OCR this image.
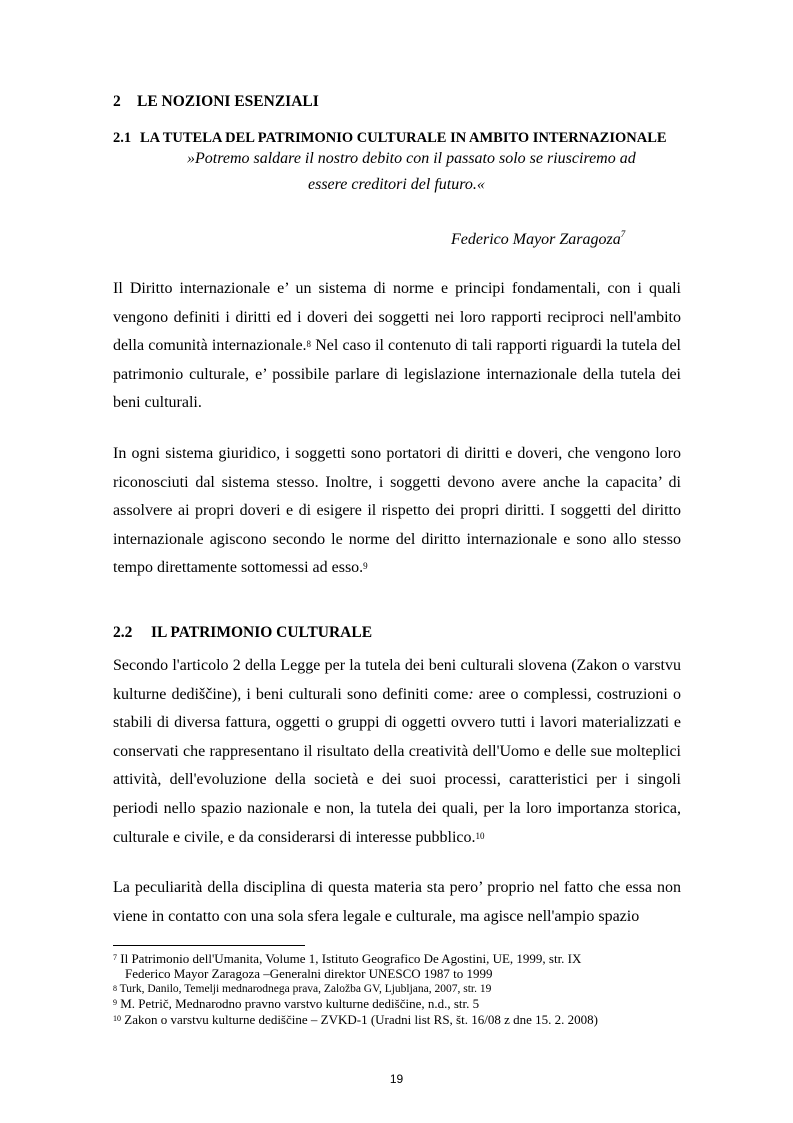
2 LE NOZIONI ESENZIALI
2.1 LA TUTELA DEL PATRIMONIO CULTURALE IN AMBITO INTERNAZIONALE
»Potremo saldare il nostro debito con il passato solo se riusciremo ad
essere creditori del futuro.«
Federico Mayor Zaragoza$^7$
Il Diritto internazionale e’ un sistema di norme e principi fondamentali, con i quali vengono definiti i diritti ed i doveri dei soggetti nei loro rapporti reciproci nell'ambito della comunità internazionale.$^8$ Nel caso il contenuto di tali rapporti riguardi la tutela del patrimonio culturale, e’ possibile parlare di legislazione internazionale della tutela dei beni culturali.
In ogni sistema giuridico, i soggetti sono portatori di diritti e doveri, che vengono loro riconosciuti dal sistema stesso. Inoltre, i soggetti devono avere anche la capacita’ di assolvere ai propri doveri e di esigere il rispetto dei propri diritti. I soggetti del diritto internazionale agiscono secondo le norme del diritto internazionale e sono allo stesso tempo direttamente sottomessi ad esso.$^9$
2.2 IL PATRIMONIO CULTURALE
Secondo l'articolo 2 della Legge per la tutela dei beni culturali slovena (Zakon o varstvu kulturne dediščine), i beni culturali sono definiti come: aree o complessi, costruzioni o stabili di diversa fattura, oggetti o gruppi di oggetti ovvero tutti i lavori materializzati e conservati che rappresentano il risultato della creatività dell'Uomo e delle sue molteplici attività, dell'evoluzione della società e dei suoi processi, caratteristici per i singoli periodi nello spazio nazionale e non, la tutela dei quali, per la loro importanza storica, culturale e civile, e da considerarsi di interesse pubblico.$^{10}$
La peculiarità della disciplina di questa materia sta pero’ proprio nel fatto che essa non viene in contatto con una sola sfera legale e culturale, ma agisce nell'ampio spazio
$^7$ Il Patrimonio dell'Umanita, Volume 1, Istituto Geografico De Agostini, UE, 1999, str. IX
Federico Mayor Zaragoza –Generalni direktor UNESCO 1987 to 1999
$^8$ Turk, Danilo, Temelji mednarodnega prava, Založba GV, Ljubljana, 2007, str. 19
$^9$ M. Petrič, Mednarodno pravno varstvo kulturne dediščine, n.d., str. 5
$^{10}$ Zakon o varstvu kulturne dediščine – ZVKD-1 (Uradni list RS, št. 16/08 z dne 15. 2. 2008)
19
